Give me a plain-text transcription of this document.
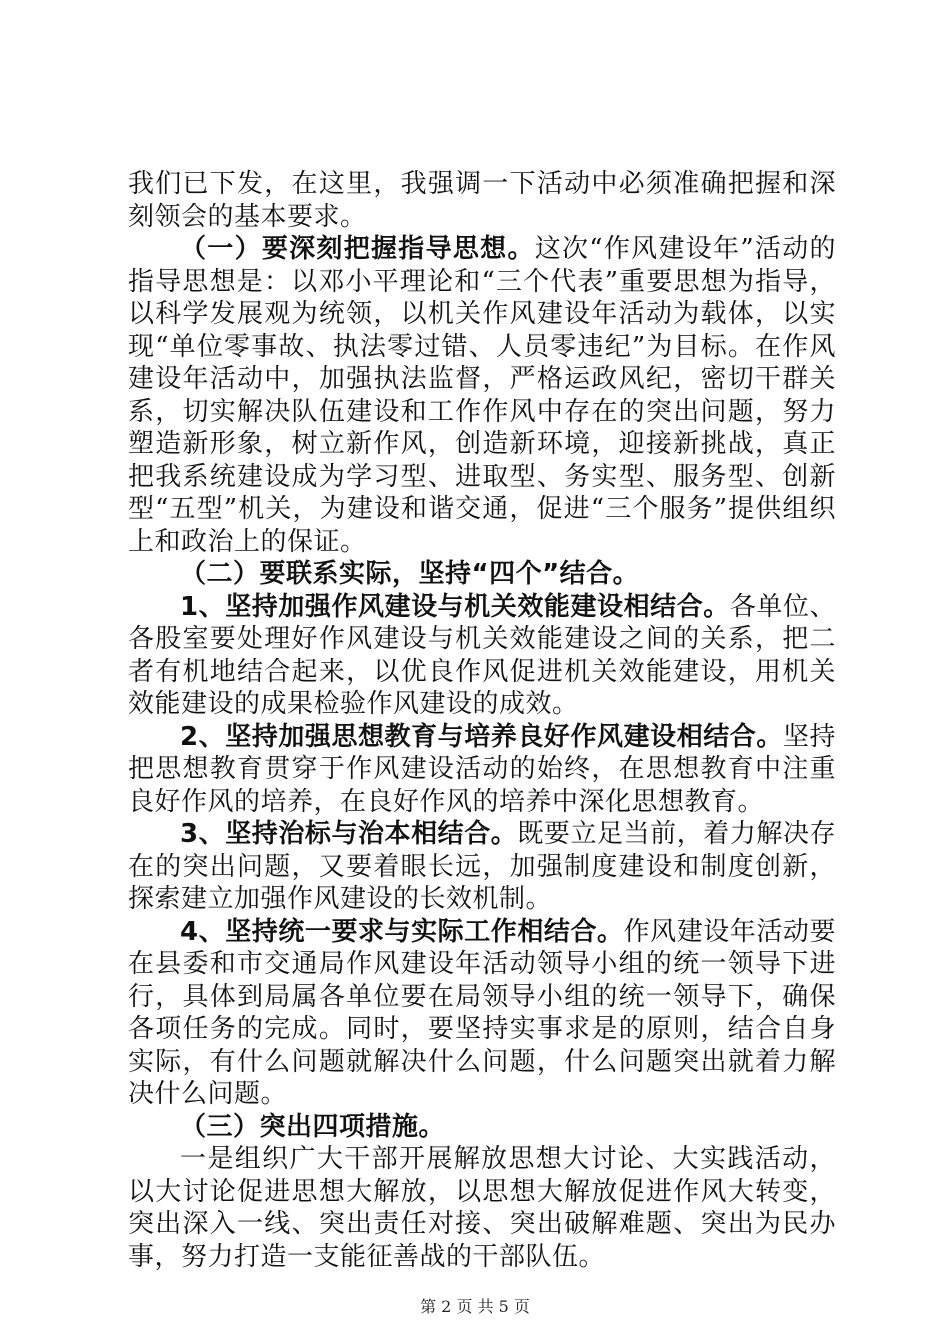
我们已下发，在这里，我强调一下活动中必须准确把握和深刻领会的基本要求。

（一）要深刻把握指导思想。这次“作风建设年”活动的指导思想是：以邓小平理论和“三个代表”重要思想为指导，以科学发展观为统领，以机关作风建设年活动为载体，以实现“单位零事故、执法零过错、人员零违纪”为目标。在作风建设年活动中，加强执法监督，严格运政风纪，密切干群关系，切实解决队伍建设和工作作风中存在的突出问题，努力塑造新形象，树立新作风，创造新环境，迎接新挑战，真正把我系统建设成为学习型、进取型、务实型、服务型、创新型“五型”机关，为建设和谐交通，促进“三个服务”提供组织上和政治上的保证。

（二）要联系实际，坚持“四个”结合。

1、坚持加强作风建设与机关效能建设相结合。各单位、各股室要处理好作风建设与机关效能建设之间的关系，把二者有机地结合起来，以优良作风促进机关效能建设，用机关效能建设的成果检验作风建设的成效。

2、坚持加强思想教育与培养良好作风建设相结合。坚持把思想教育贯穿于作风建设活动的始终，在思想教育中注重良好作风的培养，在良好作风的培养中深化思想教育。

3、坚持治标与治本相结合。既要立足当前，着力解决存在的突出问题，又要着眼长远，加强制度建设和制度创新，探索建立加强作风建设的长效机制。

4、坚持统一要求与实际工作相结合。作风建设年活动要在县委和市交通局作风建设年活动领导小组的统一领导下进行，具体到局属各单位要在局领导小组的统一领导下，确保各项任务的完成。同时，要坚持实事求是的原则，结合自身实际，有什么问题就解决什么问题，什么问题突出就着力解决什么问题。

（三）突出四项措施。

一是组织广大干部开展解放思想大讨论、大实践活动，以大讨论促进思想大解放，以思想大解放促进作风大转变，突出深入一线、突出责任对接、突出破解难题、突出为民办事，努力打造一支能征善战的干部队伍。

第 2 页 共 5 页
